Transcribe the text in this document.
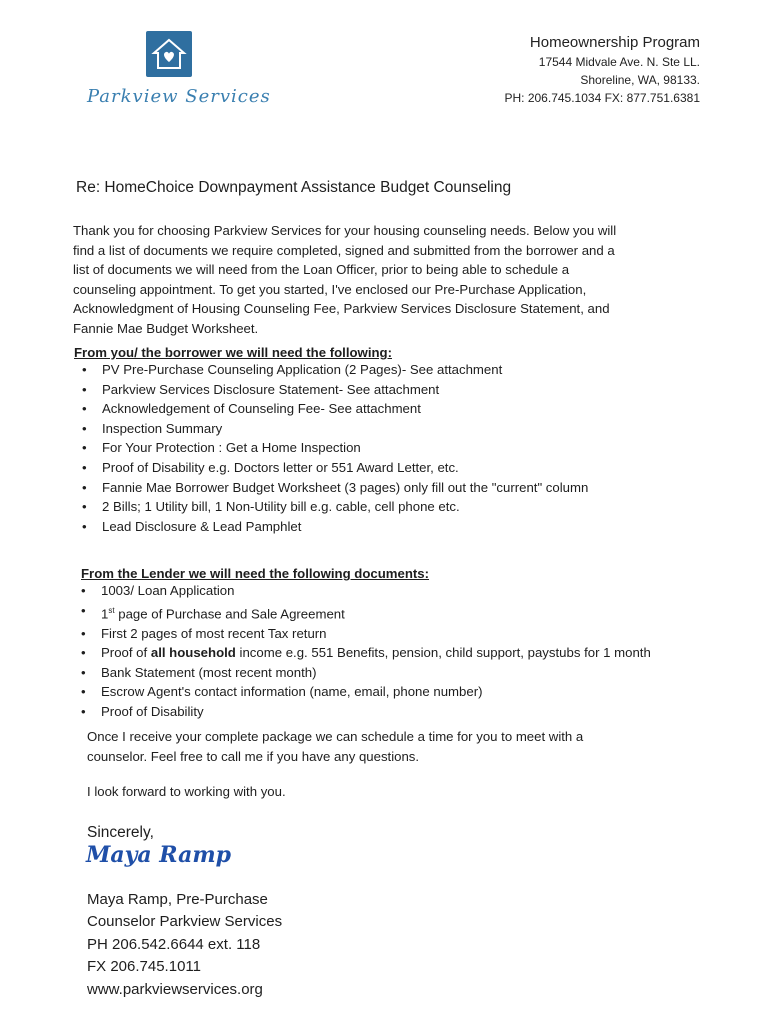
Parkview Services
Homeownership Program
17544 Midvale Ave. N. Ste LL.
Shoreline, WA, 98133.
PH: 206.745.1034 FX: 877.751.6381
Re: HomeChoice Downpayment Assistance Budget Counseling
Thank you for choosing Parkview Services for your housing counseling needs. Below you will
find a list of documents we require completed, signed and submitted from the borrower and a
list of documents we will need from the Loan Officer, prior to being able to schedule a
counseling appointment. To get you started, I've enclosed our Pre-Purchase Application,
Acknowledgment of Housing Counseling Fee, Parkview Services Disclosure Statement, and
Fannie Mae Budget Worksheet.
From you/ the borrower we will need the following:
• PV Pre-Purchase Counseling Application (2 Pages)- See attachment
• Parkview Services Disclosure Statement- See attachment
• Acknowledgement of Counseling Fee- See attachment
• Inspection Summary
• For Your Protection : Get a Home Inspection
• Proof of Disability e.g. Doctors letter or 551 Award Letter, etc.
• Fannie Mae Borrower Budget Worksheet (3 pages) only fill out the "current" column
• 2 Bills; 1 Utility bill, 1 Non-Utility bill e.g. cable, cell phone etc.
• Lead Disclosure & Lead Pamphlet
From the Lender we will need the following documents:
• 1003/ Loan Application
• 1st page of Purchase and Sale Agreement
• First 2 pages of most recent Tax return
• Proof of all household income e.g. 551 Benefits, pension, child support, paystubs for 1 month
• Bank Statement (most recent month)
• Escrow Agent's contact information (name, email, phone number)
• Proof of Disability
Once I receive your complete package we can schedule a time for you to meet with a
counselor. Feel free to call me if you have any questions.
I look forward to working with you.
Sincerely,
Maya Ramp
Maya Ramp, Pre-Purchase
Counselor Parkview Services
PH 206.542.6644 ext. 118
FX 206.745.1011
www.parkviewservices.org
